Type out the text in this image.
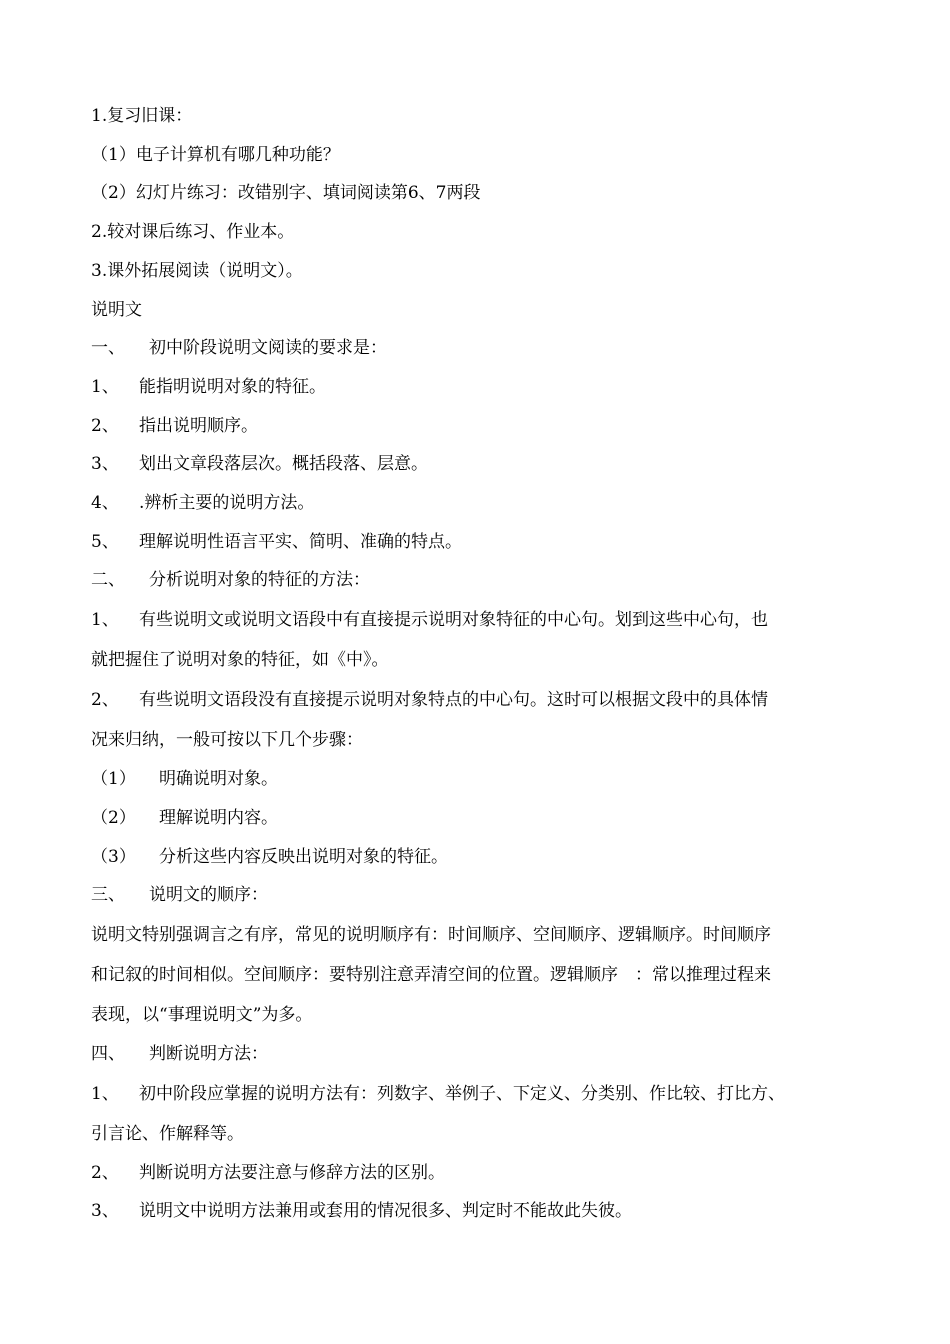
1.复习旧课：
（1）电子计算机有哪几种功能？
（2）幻灯片练习：改错别字、填词阅读第6、7两段
2.较对课后练习、作业本。
3.课外拓展阅读（说明文）。
说明文
一、 初中阶段说明文阅读的要求是：
1、 能指明说明对象的特征。
2、 指出说明顺序。
3、 划出文章段落层次。概括段落、层意。
4、 .辨析主要的说明方法。
5、 理解说明性语言平实、简明、准确的特点。
二、 分析说明对象的特征的方法：
1、 有些说明文或说明文语段中有直接提示说明对象特征的中心句。划到这些中心句，也
就把握住了说明对象的特征，如《中》。
2、 有些说明文语段没有直接提示说明对象特点的中心句。这时可以根据文段中的具体情
况来归纳，一般可按以下几个步骤：
（1） 明确说明对象。
（2） 理解说明内容。
（3） 分析这些内容反映出说明对象的特征。
三、 说明文的顺序：
说明文特别强调言之有序，常见的说明顺序有：时间顺序、空间顺序、逻辑顺序。时间顺序
和记叙的时间相似。空间顺序：要特别注意弄清空间的位置。逻辑顺序　：常以推理过程来
表现，以“事理说明文”为多。
四、 判断说明方法：
1、 初中阶段应掌握的说明方法有：列数字、举例子、下定义、分类别、作比较、打比方、
引言论、作解释等。
2、 判断说明方法要注意与修辞方法的区别。
3、 说明文中说明方法兼用或套用的情况很多、判定时不能故此失彼。
